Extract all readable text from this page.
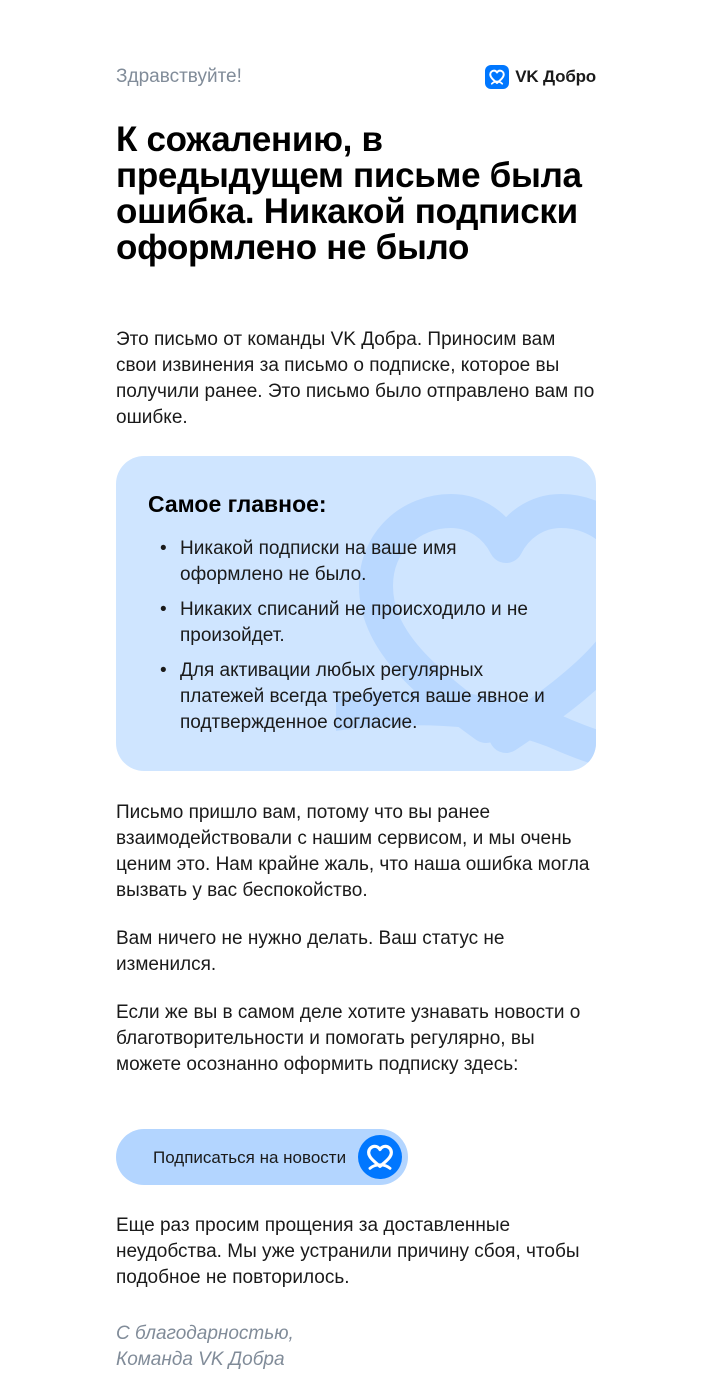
Здравствуйте!	VK Добро
К сожалению, в предыдущем письме была ошибка. Никакой подписки оформлено не было

Это письмо от команды VK Добра. Приносим вам свои извинения за письмо о подписке, которое вы получили ранее. Это письмо было отправлено вам по ошибке.

Самое главное:
• Никакой подписки на ваше имя оформлено не было.
• Никаких списаний не происходило и не произойдет.
• Для активации любых регулярных платежей всегда требуется ваше явное и подтвержденное согласие.

Письмо пришло вам, потому что вы ранее взаимодействовали с нашим сервисом, и мы очень ценим это. Нам крайне жаль, что наша ошибка могла вызвать у вас беспокойство.

Вам ничего не нужно делать. Ваш статус не изменился.

Если же вы в самом деле хотите узнавать новости о благотворительности и помогать регулярно, вы можете осознанно оформить подписку здесь:

Подписаться на новости

Еще раз просим прощения за доставленные неудобства. Мы уже устранили причину сбоя, чтобы подобное не повторилось.

С благодарностью,
Команда VK Добра
